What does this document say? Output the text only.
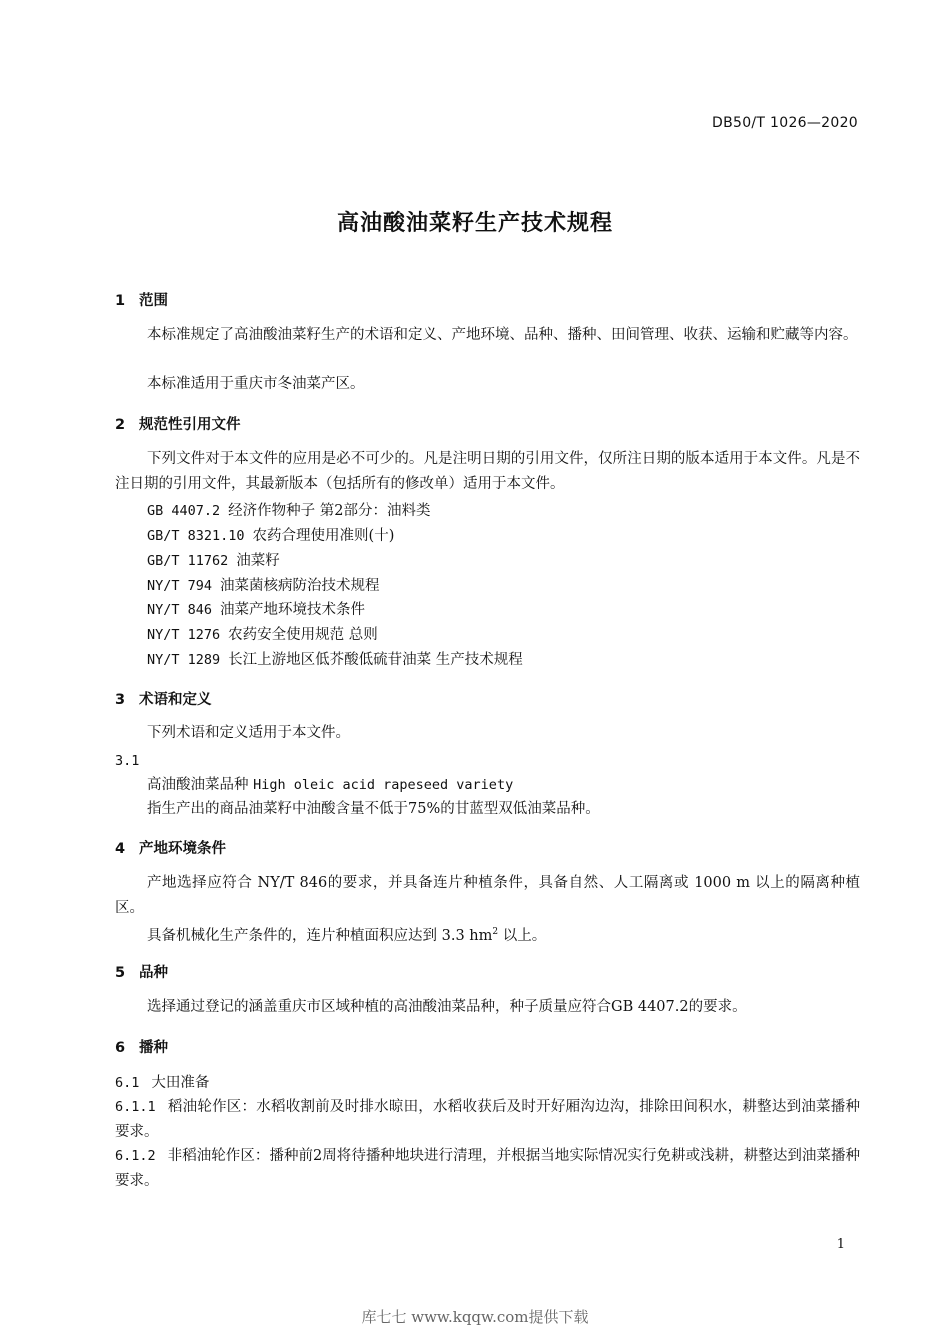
DB50/T 1026—2020
高油酸油菜籽生产技术规程
1 范围
本标准规定了高油酸油菜籽生产的术语和定义、产地环境、品种、播种、田间管理、收获、运输和贮藏等内容。
本标准适用于重庆市冬油菜产区。
2 规范性引用文件
下列文件对于本文件的应用是必不可少的。凡是注明日期的引用文件，仅所注日期的版本适用于本文件。凡是不注日期的引用文件，其最新版本（包括所有的修改单）适用于本文件。
GB 4407.2 经济作物种子 第2部分：油料类
GB/T 8321.10 农药合理使用准则(十)
GB/T 11762 油菜籽
NY/T 794 油菜菌核病防治技术规程
NY/T 846 油菜产地环境技术条件
NY/T 1276 农药安全使用规范 总则
NY/T 1289 长江上游地区低芥酸低硫苷油菜 生产技术规程
3 术语和定义
下列术语和定义适用于本文件。
3.1
高油酸油菜品种 High oleic acid rapeseed variety
指生产出的商品油菜籽中油酸含量不低于75%的甘蓝型双低油菜品种。
4 产地环境条件
产地选择应符合 NY/T 846的要求，并具备连片种植条件，具备自然、人工隔离或 1000 m 以上的隔离种植区。
具备机械化生产条件的，连片种植面积应达到 3.3 $hm^2$ 以上。
5 品种
选择通过登记的涵盖重庆市区域种植的高油酸油菜品种，种子质量应符合GB 4407.2的要求。
6 播种
6.1 大田准备
6.1.1 稻油轮作区：水稻收割前及时排水晾田，水稻收获后及时开好厢沟边沟，排除田间积水，耕整达到油菜播种要求。
6.1.2 非稻油轮作区：播种前2周将待播种地块进行清理，并根据当地实际情况实行免耕或浅耕，耕整达到油菜播种要求。
1
库七七 www.kqqw.com提供下载
